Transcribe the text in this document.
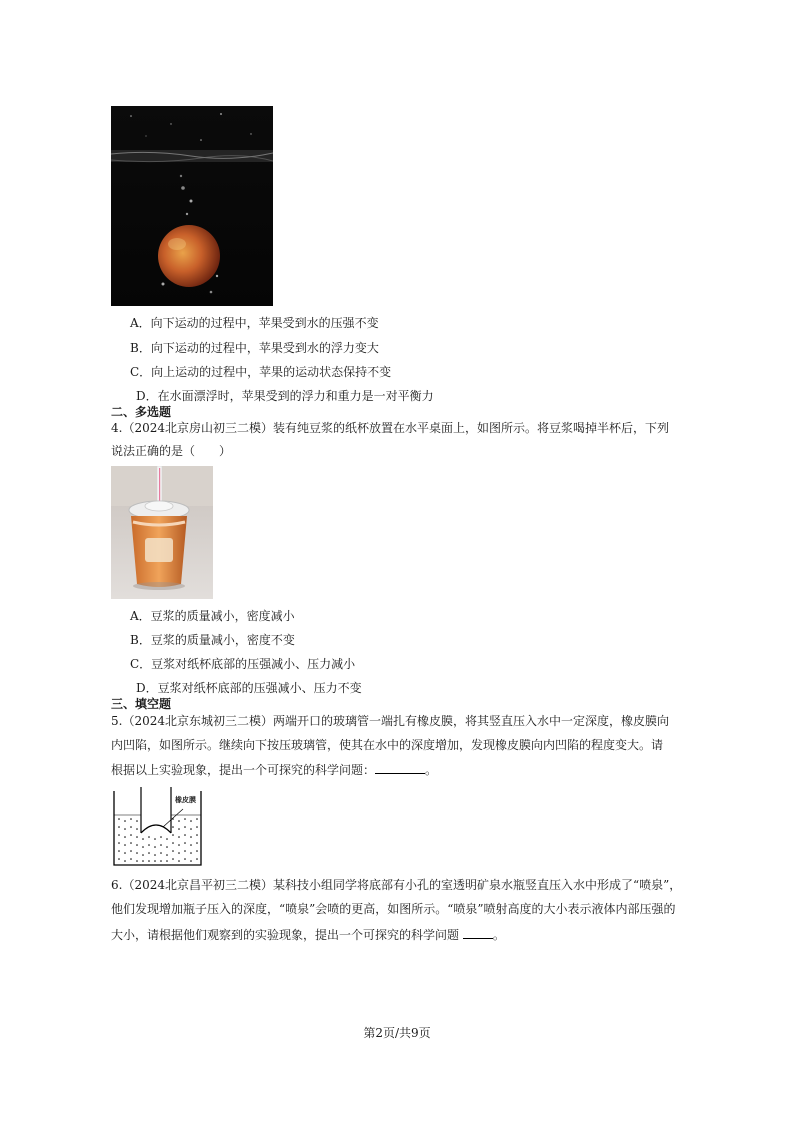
A．向下运动的过程中，苹果受到水的压强不变
B．向下运动的过程中，苹果受到水的浮力变大
C．向上运动的过程中，苹果的运动状态保持不变
D．在水面漂浮时，苹果受到的浮力和重力是一对平衡力
二、多选题
4.（2024北京房山初三二模）装有纯豆浆的纸杯放置在水平桌面上，如图所示。将豆浆喝掉半杯后，下列
说法正确的是（　　）
A．豆浆的质量减小，密度减小
B．豆浆的质量减小，密度不变
C．豆浆对纸杯底部的压强减小、压力减小
D．豆浆对纸杯底部的压强减小、压力不变
三、填空题
5.（2024北京东城初三二模）两端开口的玻璃管一端扎有橡皮膜，将其竖直压入水中一定深度，橡皮膜向
内凹陷，如图所示。继续向下按压玻璃管，使其在水中的深度增加，发现橡皮膜向内凹陷的程度变大。请
根据以上实验现象，提出一个可探究的科学问题：	。
橡皮膜
6.（2024北京昌平初三二模）某科技小组同学将底部有小孔的室透明矿泉水瓶竖直压入水中形成了“喷泉”，
他们发现增加瓶子压入的深度，“喷泉”会喷的更高，如图所示。“喷泉”喷射高度的大小表示液体内部压强的
大小，请根据他们观察到的实验现象，提出一个可探究的科学问题	。
第2页/共9页
